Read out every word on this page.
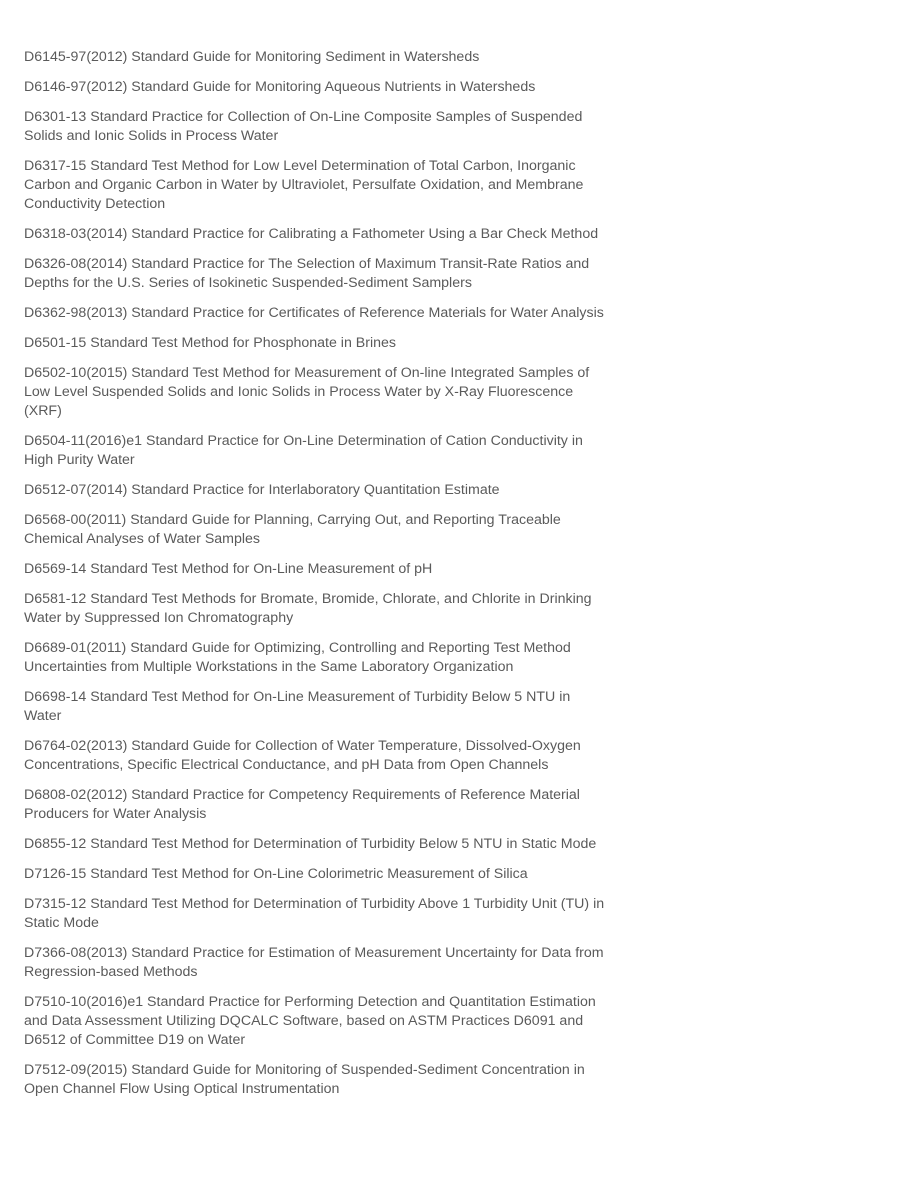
D6145-97(2012) Standard Guide for Monitoring Sediment in Watersheds

D6146-97(2012) Standard Guide for Monitoring Aqueous Nutrients in Watersheds

D6301-13 Standard Practice for Collection of On-Line Composite Samples of Suspended
Solids and Ionic Solids in Process Water

D6317-15 Standard Test Method for Low Level Determination of Total Carbon, Inorganic
Carbon and Organic Carbon in Water by Ultraviolet, Persulfate Oxidation, and Membrane
Conductivity Detection

D6318-03(2014) Standard Practice for Calibrating a Fathometer Using a Bar Check Method

D6326-08(2014) Standard Practice for The Selection of Maximum Transit-Rate Ratios and
Depths for the U.S. Series of Isokinetic Suspended-Sediment Samplers

D6362-98(2013) Standard Practice for Certificates of Reference Materials for Water Analysis

D6501-15 Standard Test Method for Phosphonate in Brines

D6502-10(2015) Standard Test Method for Measurement of On-line Integrated Samples of
Low Level Suspended Solids and Ionic Solids in Process Water by X-Ray Fluorescence
(XRF)

D6504-11(2016)e1 Standard Practice for On-Line Determination of Cation Conductivity in
High Purity Water

D6512-07(2014) Standard Practice for Interlaboratory Quantitation Estimate

D6568-00(2011) Standard Guide for Planning, Carrying Out, and Reporting Traceable
Chemical Analyses of Water Samples

D6569-14 Standard Test Method for On-Line Measurement of pH

D6581-12 Standard Test Methods for Bromate, Bromide, Chlorate, and Chlorite in Drinking
Water by Suppressed Ion Chromatography

D6689-01(2011) Standard Guide for Optimizing, Controlling and Reporting Test Method
Uncertainties from Multiple Workstations in the Same Laboratory Organization

D6698-14 Standard Test Method for On-Line Measurement of Turbidity Below 5 NTU in
Water

D6764-02(2013) Standard Guide for Collection of Water Temperature, Dissolved-Oxygen
Concentrations, Specific Electrical Conductance, and pH Data from Open Channels

D6808-02(2012) Standard Practice for Competency Requirements of Reference Material
Producers for Water Analysis

D6855-12 Standard Test Method for Determination of Turbidity Below 5 NTU in Static Mode

D7126-15 Standard Test Method for On-Line Colorimetric Measurement of Silica

D7315-12 Standard Test Method for Determination of Turbidity Above 1 Turbidity Unit (TU) in
Static Mode

D7366-08(2013) Standard Practice for Estimation of Measurement Uncertainty for Data from
Regression-based Methods

D7510-10(2016)e1 Standard Practice for Performing Detection and Quantitation Estimation
and Data Assessment Utilizing DQCALC Software, based on ASTM Practices D6091 and
D6512 of Committee D19 on Water

D7512-09(2015) Standard Guide for Monitoring of Suspended-Sediment Concentration in
Open Channel Flow Using Optical Instrumentation
